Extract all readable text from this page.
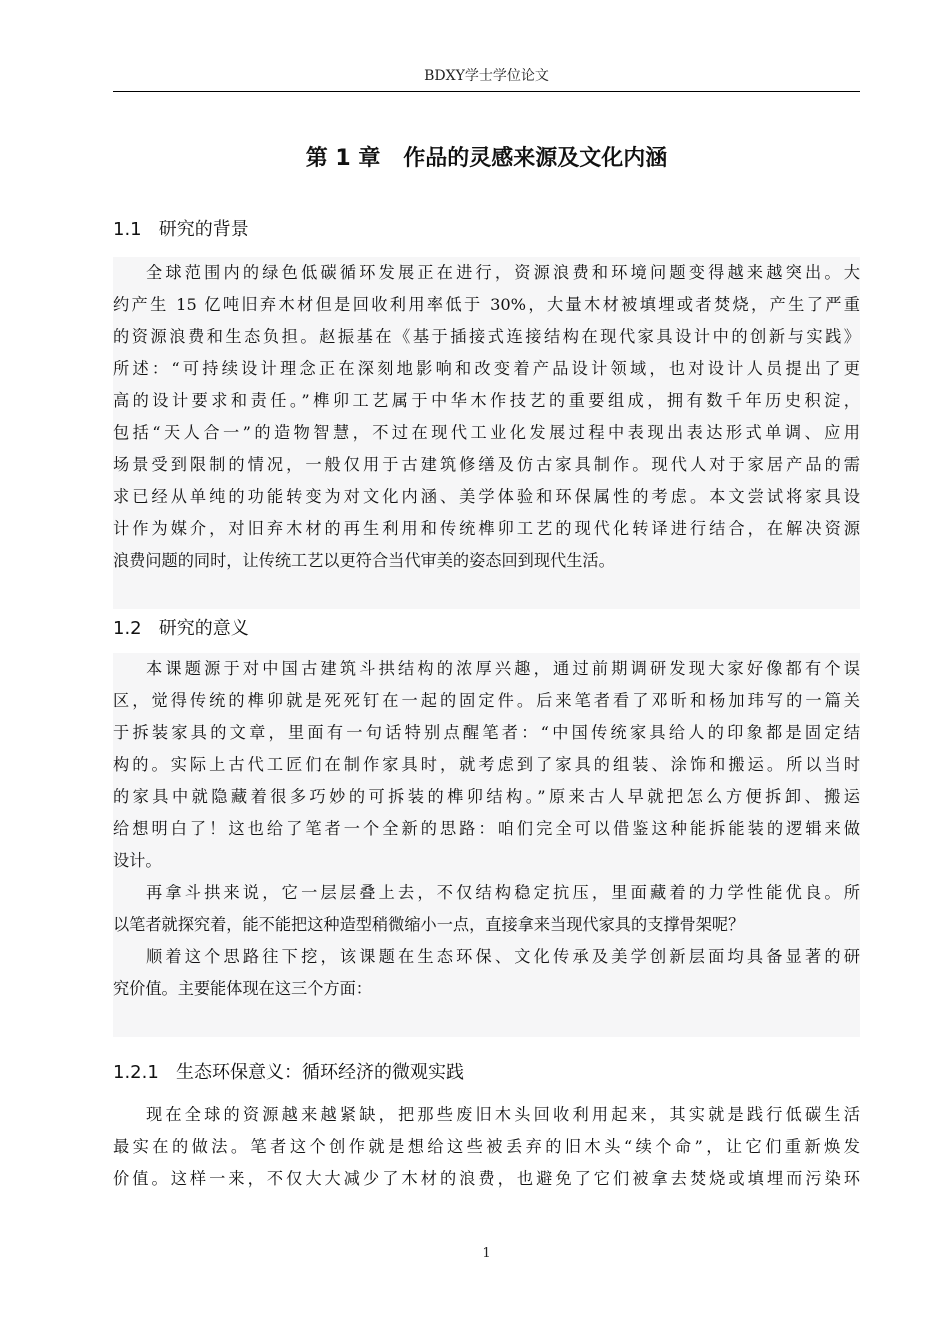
BDXY学士学位论文
第 1 章   作品的灵感来源及文化内涵
1.1   研究的背景
全球范围内的绿色低碳循环发展正在进行，资源浪费和环境问题变得越来越突出。大
约产生 15 亿吨旧弃木材但是回收利用率低于 30%，大量木材被填埋或者焚烧，产生了严重
的资源浪费和生态负担。赵振基在《基于插接式连接结构在现代家具设计中的创新与实践》
所述：“可持续设计理念正在深刻地影响和改变着产品设计领域，也对设计人员提出了更
高的设计要求和责任。”榫卯工艺属于中华木作技艺的重要组成，拥有数千年历史积淀，
包括“天人合一”的造物智慧，不过在现代工业化发展过程中表现出表达形式单调、应用
场景受到限制的情况，一般仅用于古建筑修缮及仿古家具制作。现代人对于家居产品的需
求已经从单纯的功能转变为对文化内涵、美学体验和环保属性的考虑。本文尝试将家具设
计作为媒介，对旧弃木材的再生利用和传统榫卯工艺的现代化转译进行结合，在解决资源
浪费问题的同时，让传统工艺以更符合当代审美的姿态回到现代生活。
1.2   研究的意义
本课题源于对中国古建筑斗拱结构的浓厚兴趣，通过前期调研发现大家好像都有个误
区，觉得传统的榫卯就是死死钉在一起的固定件。后来笔者看了邓昕和杨加玮写的一篇关
于拆装家具的文章，里面有一句话特别点醒笔者：“中国传统家具给人的印象都是固定结
构的。实际上古代工匠们在制作家具时，就考虑到了家具的组装、涂饰和搬运。所以当时
的家具中就隐藏着很多巧妙的可拆装的榫卯结构。”原来古人早就把怎么方便拆卸、搬运
给想明白了！这也给了笔者一个全新的思路：咱们完全可以借鉴这种能拆能装的逻辑来做
设计。
再拿斗拱来说，它一层层叠上去，不仅结构稳定抗压，里面藏着的力学性能优良。所
以笔者就探究着，能不能把这种造型稍微缩小一点，直接拿来当现代家具的支撑骨架呢？
顺着这个思路往下挖，该课题在生态环保、文化传承及美学创新层面均具备显著的研
究价值。主要能体现在这三个方面：
1.2.1   生态环保意义：循环经济的微观实践
现在全球的资源越来越紧缺，把那些废旧木头回收利用起来，其实就是践行低碳生活
最实在的做法。笔者这个创作就是想给这些被丢弃的旧木头“续个命”，让它们重新焕发
价值。这样一来，不仅大大减少了木材的浪费，也避免了它们被拿去焚烧或填埋而污染环
1
